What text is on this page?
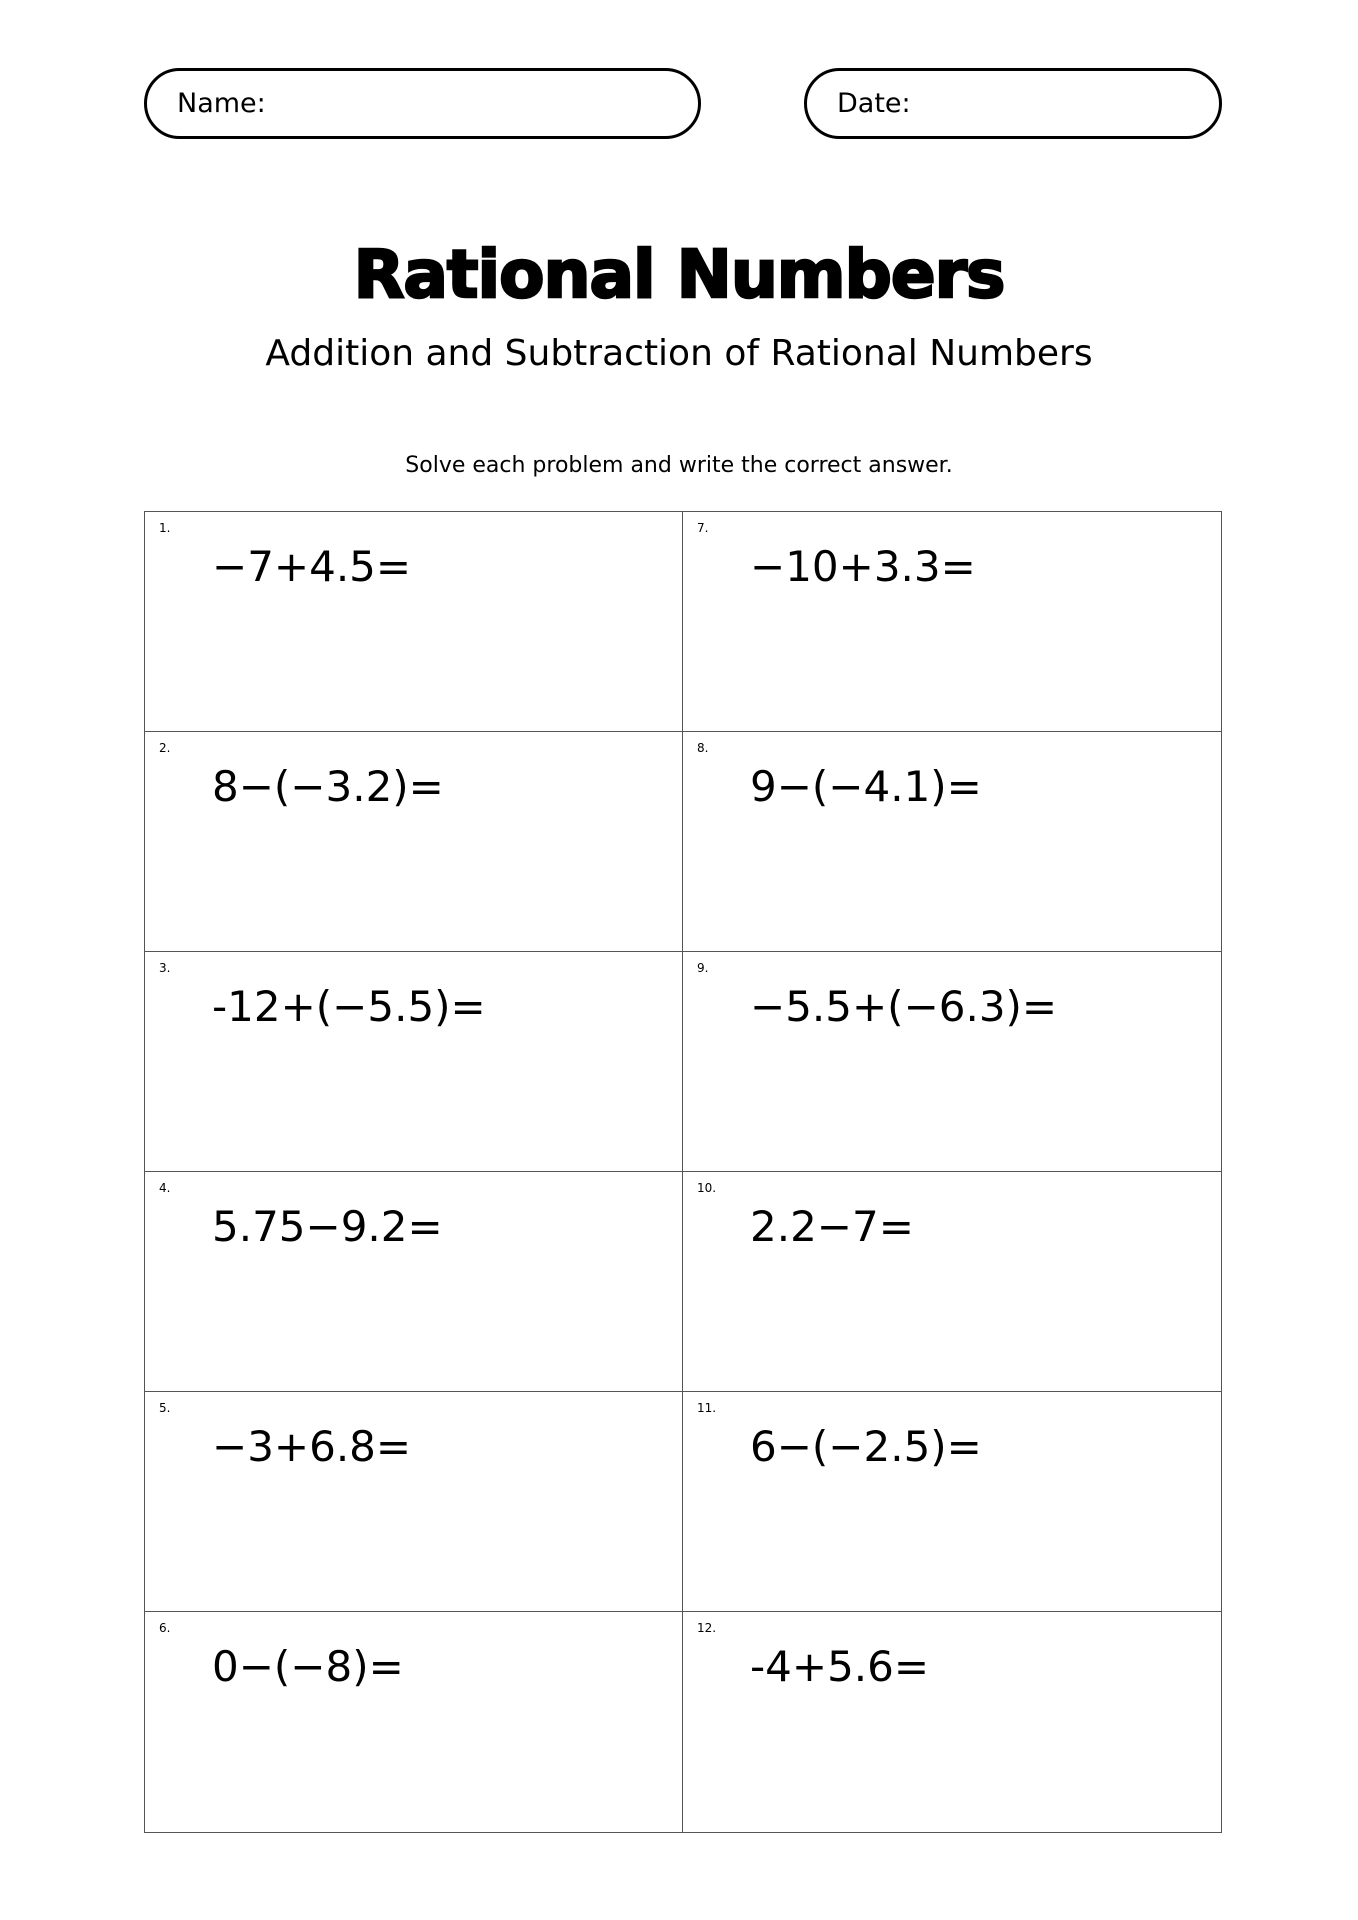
Name:	Date:
Rational Numbers
Addition and Subtraction of Rational Numbers
Solve each problem and write the correct answer.
1.
−7+4.5=
2.
8−(−3.2)=
3.
-12+(−5.5)=
4.
5.75−9.2=
5.
−3+6.8=
6.
0−(−8)=
7.
−10+3.3=
8.
9−(−4.1)=
9.
−5.5+(−6.3)=
10.
2.2−7=
11.
6−(−2.5)=
12.
-4+5.6=
